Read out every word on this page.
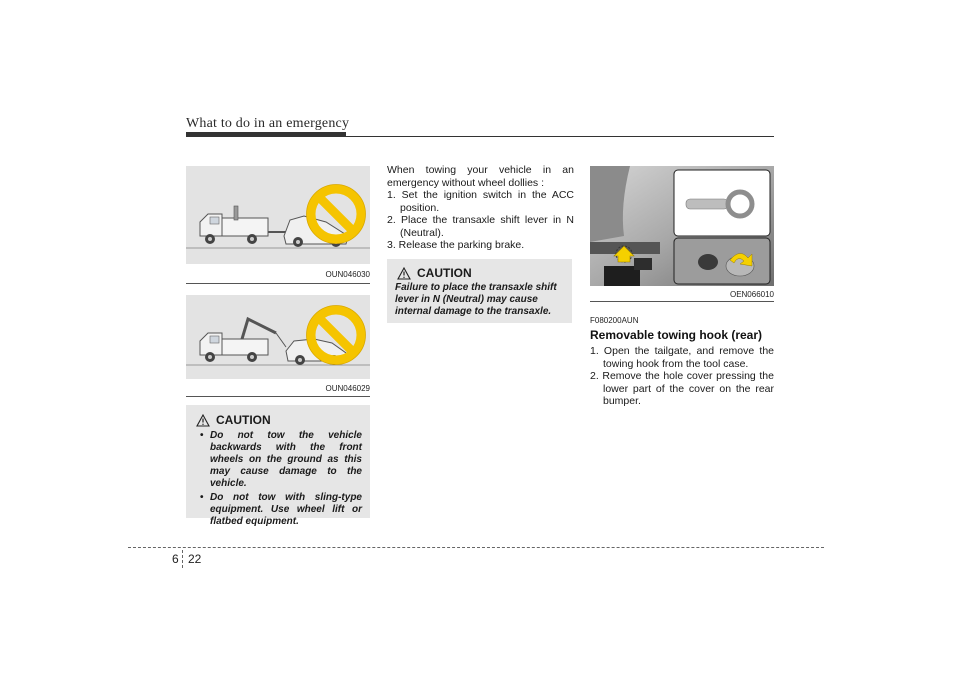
What to do in an emergency
OUN046030
OUN046029
CAUTION
• Do not tow the vehicle backwards with the front wheels on the ground as this may cause damage to the vehicle.
• Do not tow with sling-type equipment. Use wheel lift or flatbed equipment.
When towing your vehicle in an emergency without wheel dollies :
1. Set the ignition switch in the ACC position.
2. Place the transaxle shift lever in N (Neutral).
3. Release the parking brake.
CAUTION
Failure to place the transaxle shift lever in N (Neutral) may cause internal damage to the transaxle.
OEN066010
F080200AUN
Removable towing hook (rear)
1. Open the tailgate, and remove the towing hook from the tool case.
2. Remove the hole cover pressing the lower part of the cover on the rear bumper.
6 22
